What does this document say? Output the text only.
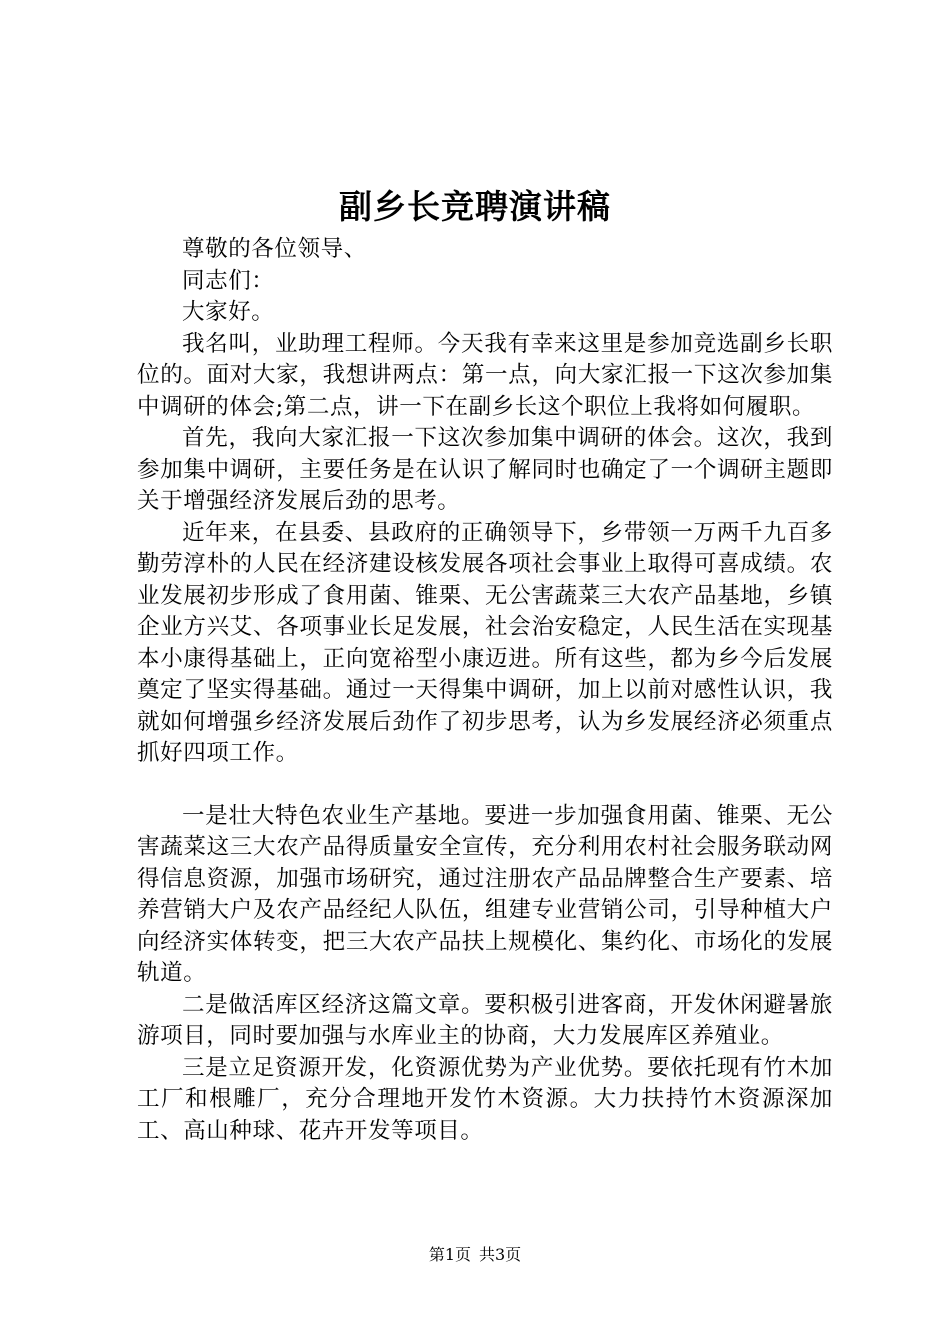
副乡长竞聘演讲稿

尊敬的各位领导、

同志们：

大家好。

我名叫，业助理工程师。今天我有幸来这里是参加竞选副乡长职位的。面对大家，我想讲两点：第一点，向大家汇报一下这次参加集中调研的体会;第二点，讲一下在副乡长这个职位上我将如何履职。

首先，我向大家汇报一下这次参加集中调研的体会。这次，我到参加集中调研，主要任务是在认识了解同时也确定了一个调研主题即关于增强经济发展后劲的思考。

近年来，在县委、县政府的正确领导下，乡带领一万两千九百多勤劳淳朴的人民在经济建设核发展各项社会事业上取得可喜成绩。农业发展初步形成了食用菌、锥栗、无公害蔬菜三大农产品基地，乡镇企业方兴艾、各项事业长足发展，社会治安稳定，人民生活在实现基本小康得基础上，正向宽裕型小康迈进。所有这些，都为乡今后发展奠定了坚实得基础。通过一天得集中调研，加上以前对感性认识，我就如何增强乡经济发展后劲作了初步思考，认为乡发展经济必须重点抓好四项工作。

一是壮大特色农业生产基地。要进一步加强食用菌、锥栗、无公害蔬菜这三大农产品得质量安全宣传，充分利用农村社会服务联动网得信息资源，加强市场研究，通过注册农产品品牌整合生产要素、培养营销大户及农产品经纪人队伍，组建专业营销公司，引导种植大户向经济实体转变，把三大农产品扶上规模化、集约化、市场化的发展轨道。

二是做活库区经济这篇文章。要积极引进客商，开发休闲避暑旅游项目，同时要加强与水库业主的协商，大力发展库区养殖业。

三是立足资源开发，化资源优势为产业优势。要依托现有竹木加工厂和根雕厂，充分合理地开发竹木资源。大力扶持竹木资源深加工、高山种球、花卉开发等项目。

第1页 共3页
